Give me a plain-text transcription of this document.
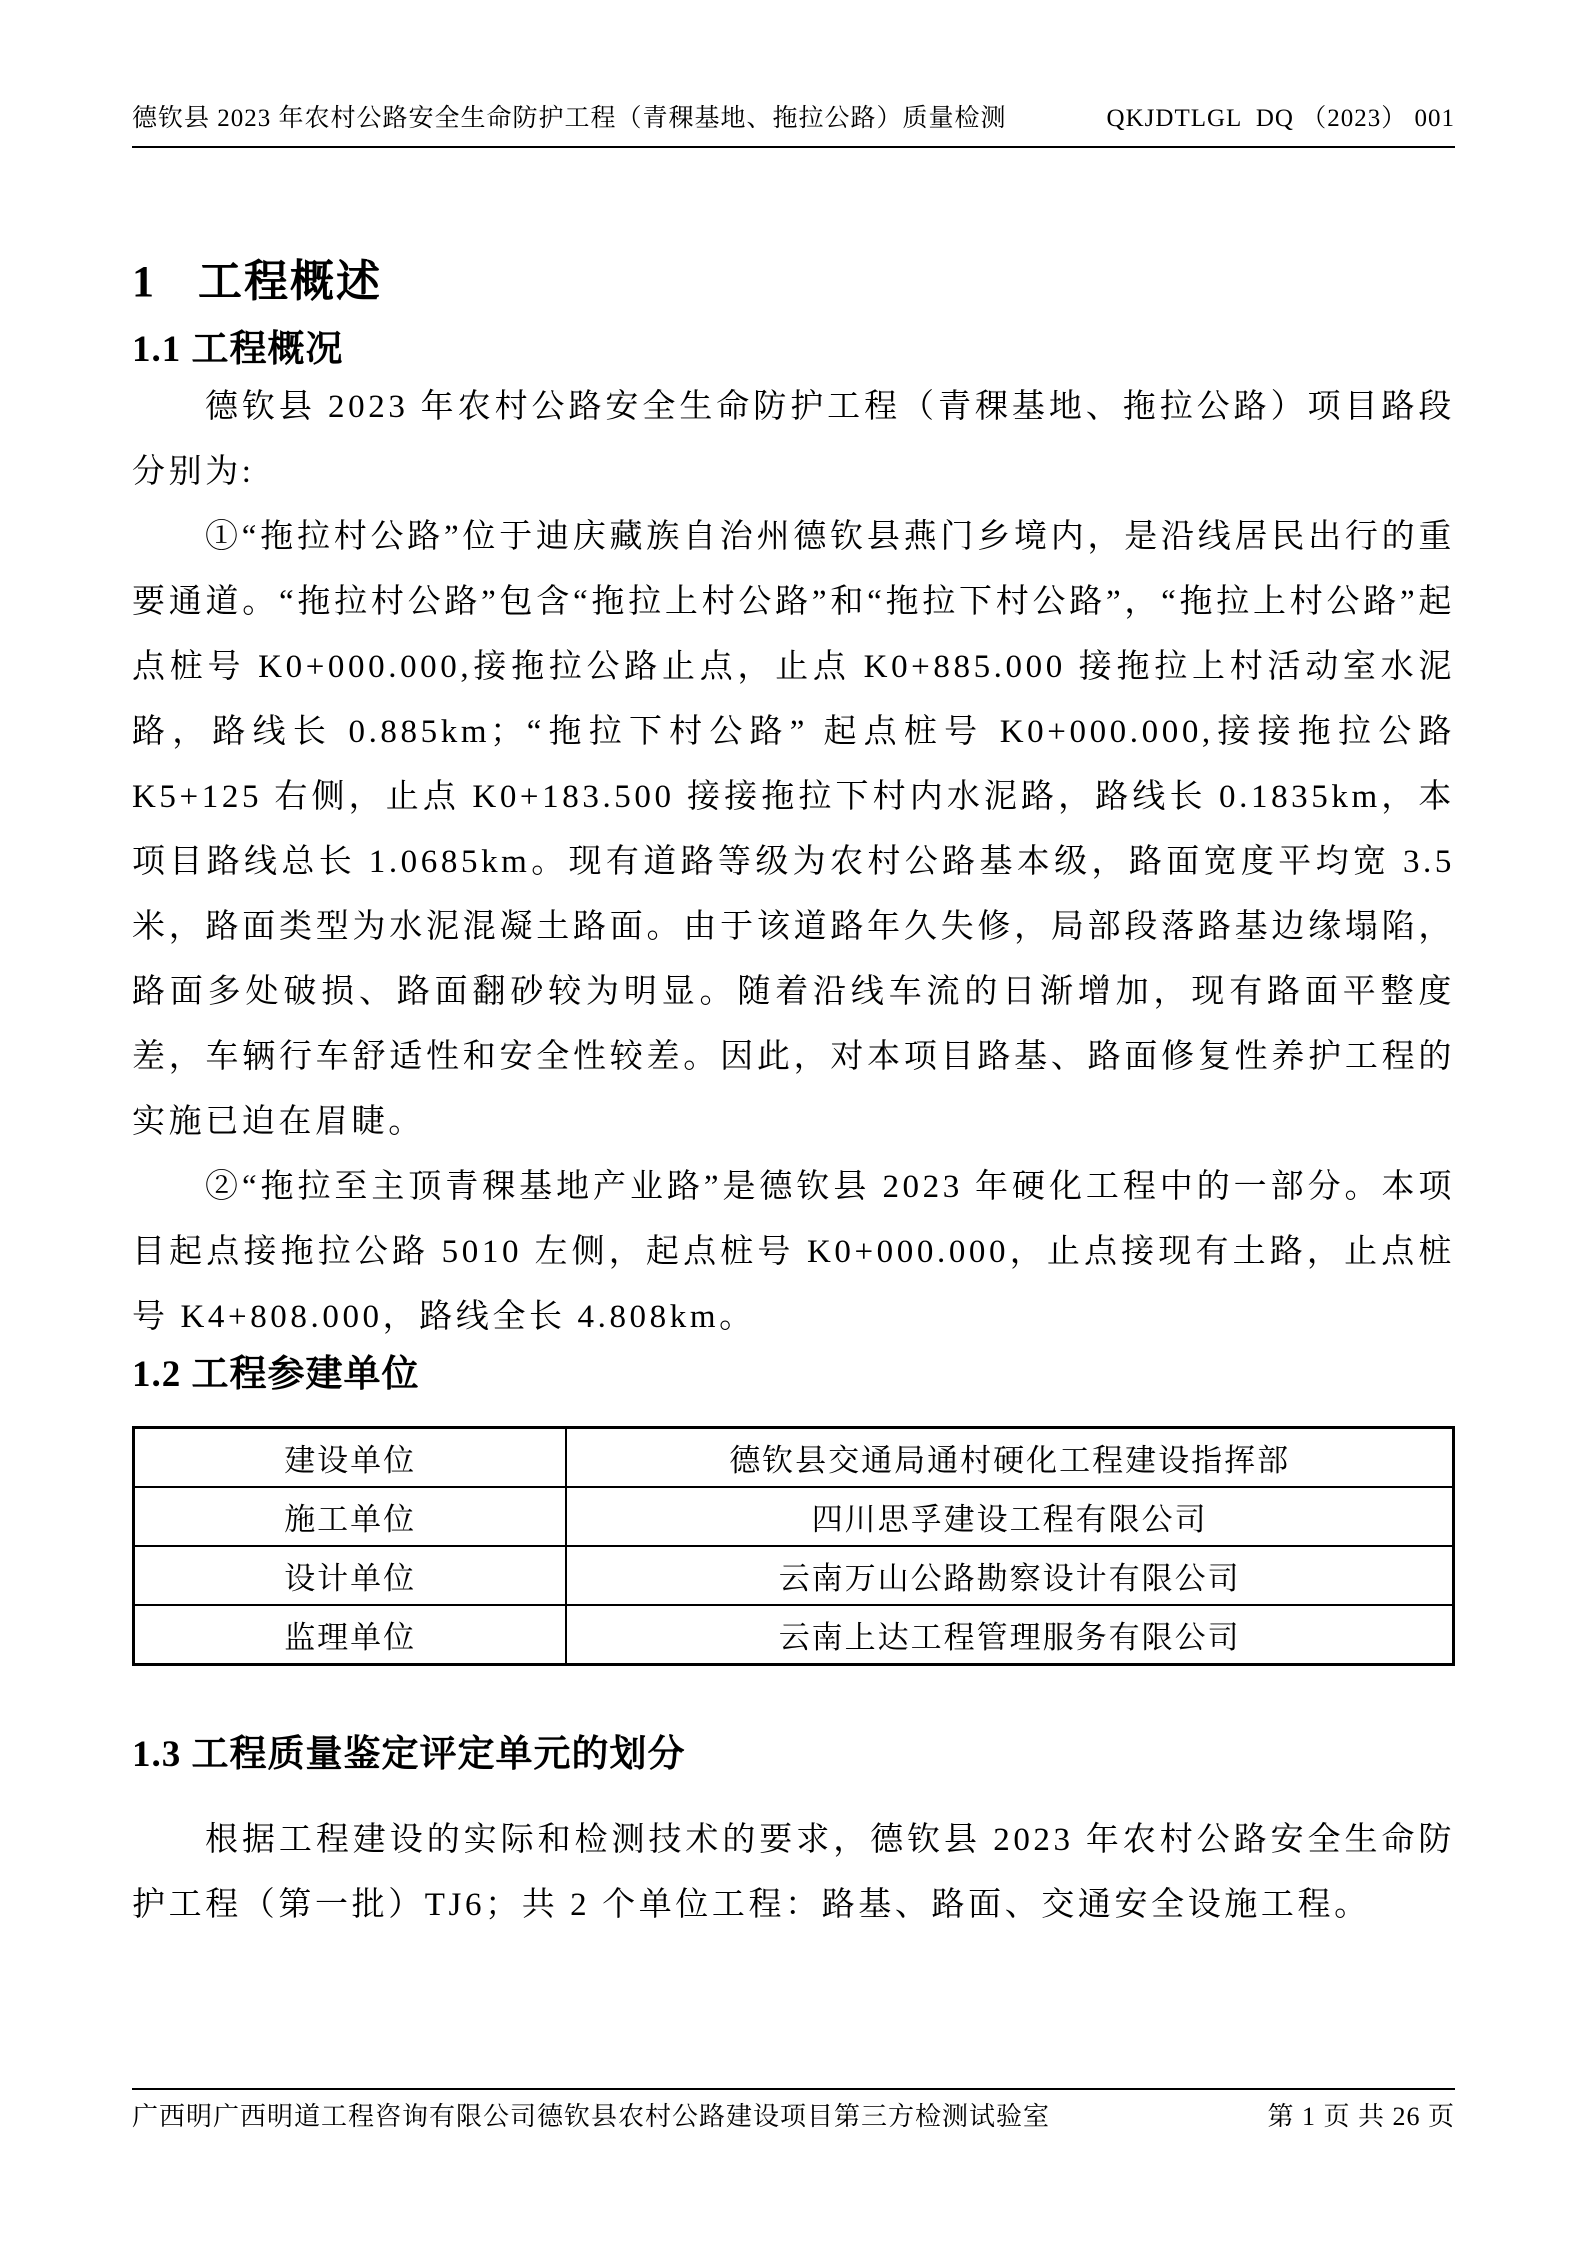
德钦县 2023 年农村公路安全生命防护工程（青稞基地、拖拉公路）质量检测	QKJDTLGL  DQ （2023） 001
1 工程概述
1.1 工程概况

德钦县 2023 年农村公路安全生命防护工程（青稞基地、拖拉公路）项目路段分别为:

①“拖拉村公路”位于迪庆藏族自治州德钦县燕门乡境内，是沿线居民出行的重要通道。“拖拉村公路”包含“拖拉上村公路”和“拖拉下村公路”，“拖拉上村公路”起点桩号 K0+000.000,接拖拉公路止点，止点 K0+885.000 接拖拉上村活动室水泥路，路线长 0.885km；“拖拉下村公路” 起点桩号 K0+000.000,接接拖拉公路 K5+125 右侧，止点 K0+183.500 接接拖拉下村内水泥路，路线长 0.1835km，本项目路线总长 1.0685km。现有道路等级为农村公路基本级，路面宽度平均宽 3.5 米，路面类型为水泥混凝土路面。由于该道路年久失修，局部段落路基边缘塌陷，路面多处破损、路面翻砂较为明显。随着沿线车流的日渐增加，现有路面平整度差，车辆行车舒适性和安全性较差。因此，对本项目路基、路面修复性养护工程的实施已迫在眉睫。

②“拖拉至主顶青稞基地产业路”是德钦县 2023 年硬化工程中的一部分。本项目起点接拖拉公路 5010 左侧，起点桩号 K0+000.000，止点接现有土路，止点桩号 K4+808.000，路线全长 4.808km。

1.2 工程参建单位
建设单位	德钦县交通局通村硬化工程建设指挥部
施工单位	四川思孚建设工程有限公司
设计单位	云南万山公路勘察设计有限公司
监理单位	云南上达工程管理服务有限公司
1.3 工程质量鉴定评定单元的划分

根据工程建设的实际和检测技术的要求，德钦县 2023 年农村公路安全生命防护工程（第一批）TJ6；共 2 个单位工程：路基、路面、交通安全设施工程。

广西明广西明道工程咨询有限公司德钦县农村公路建设项目第三方检测试验室	第 1 页 共 26 页
